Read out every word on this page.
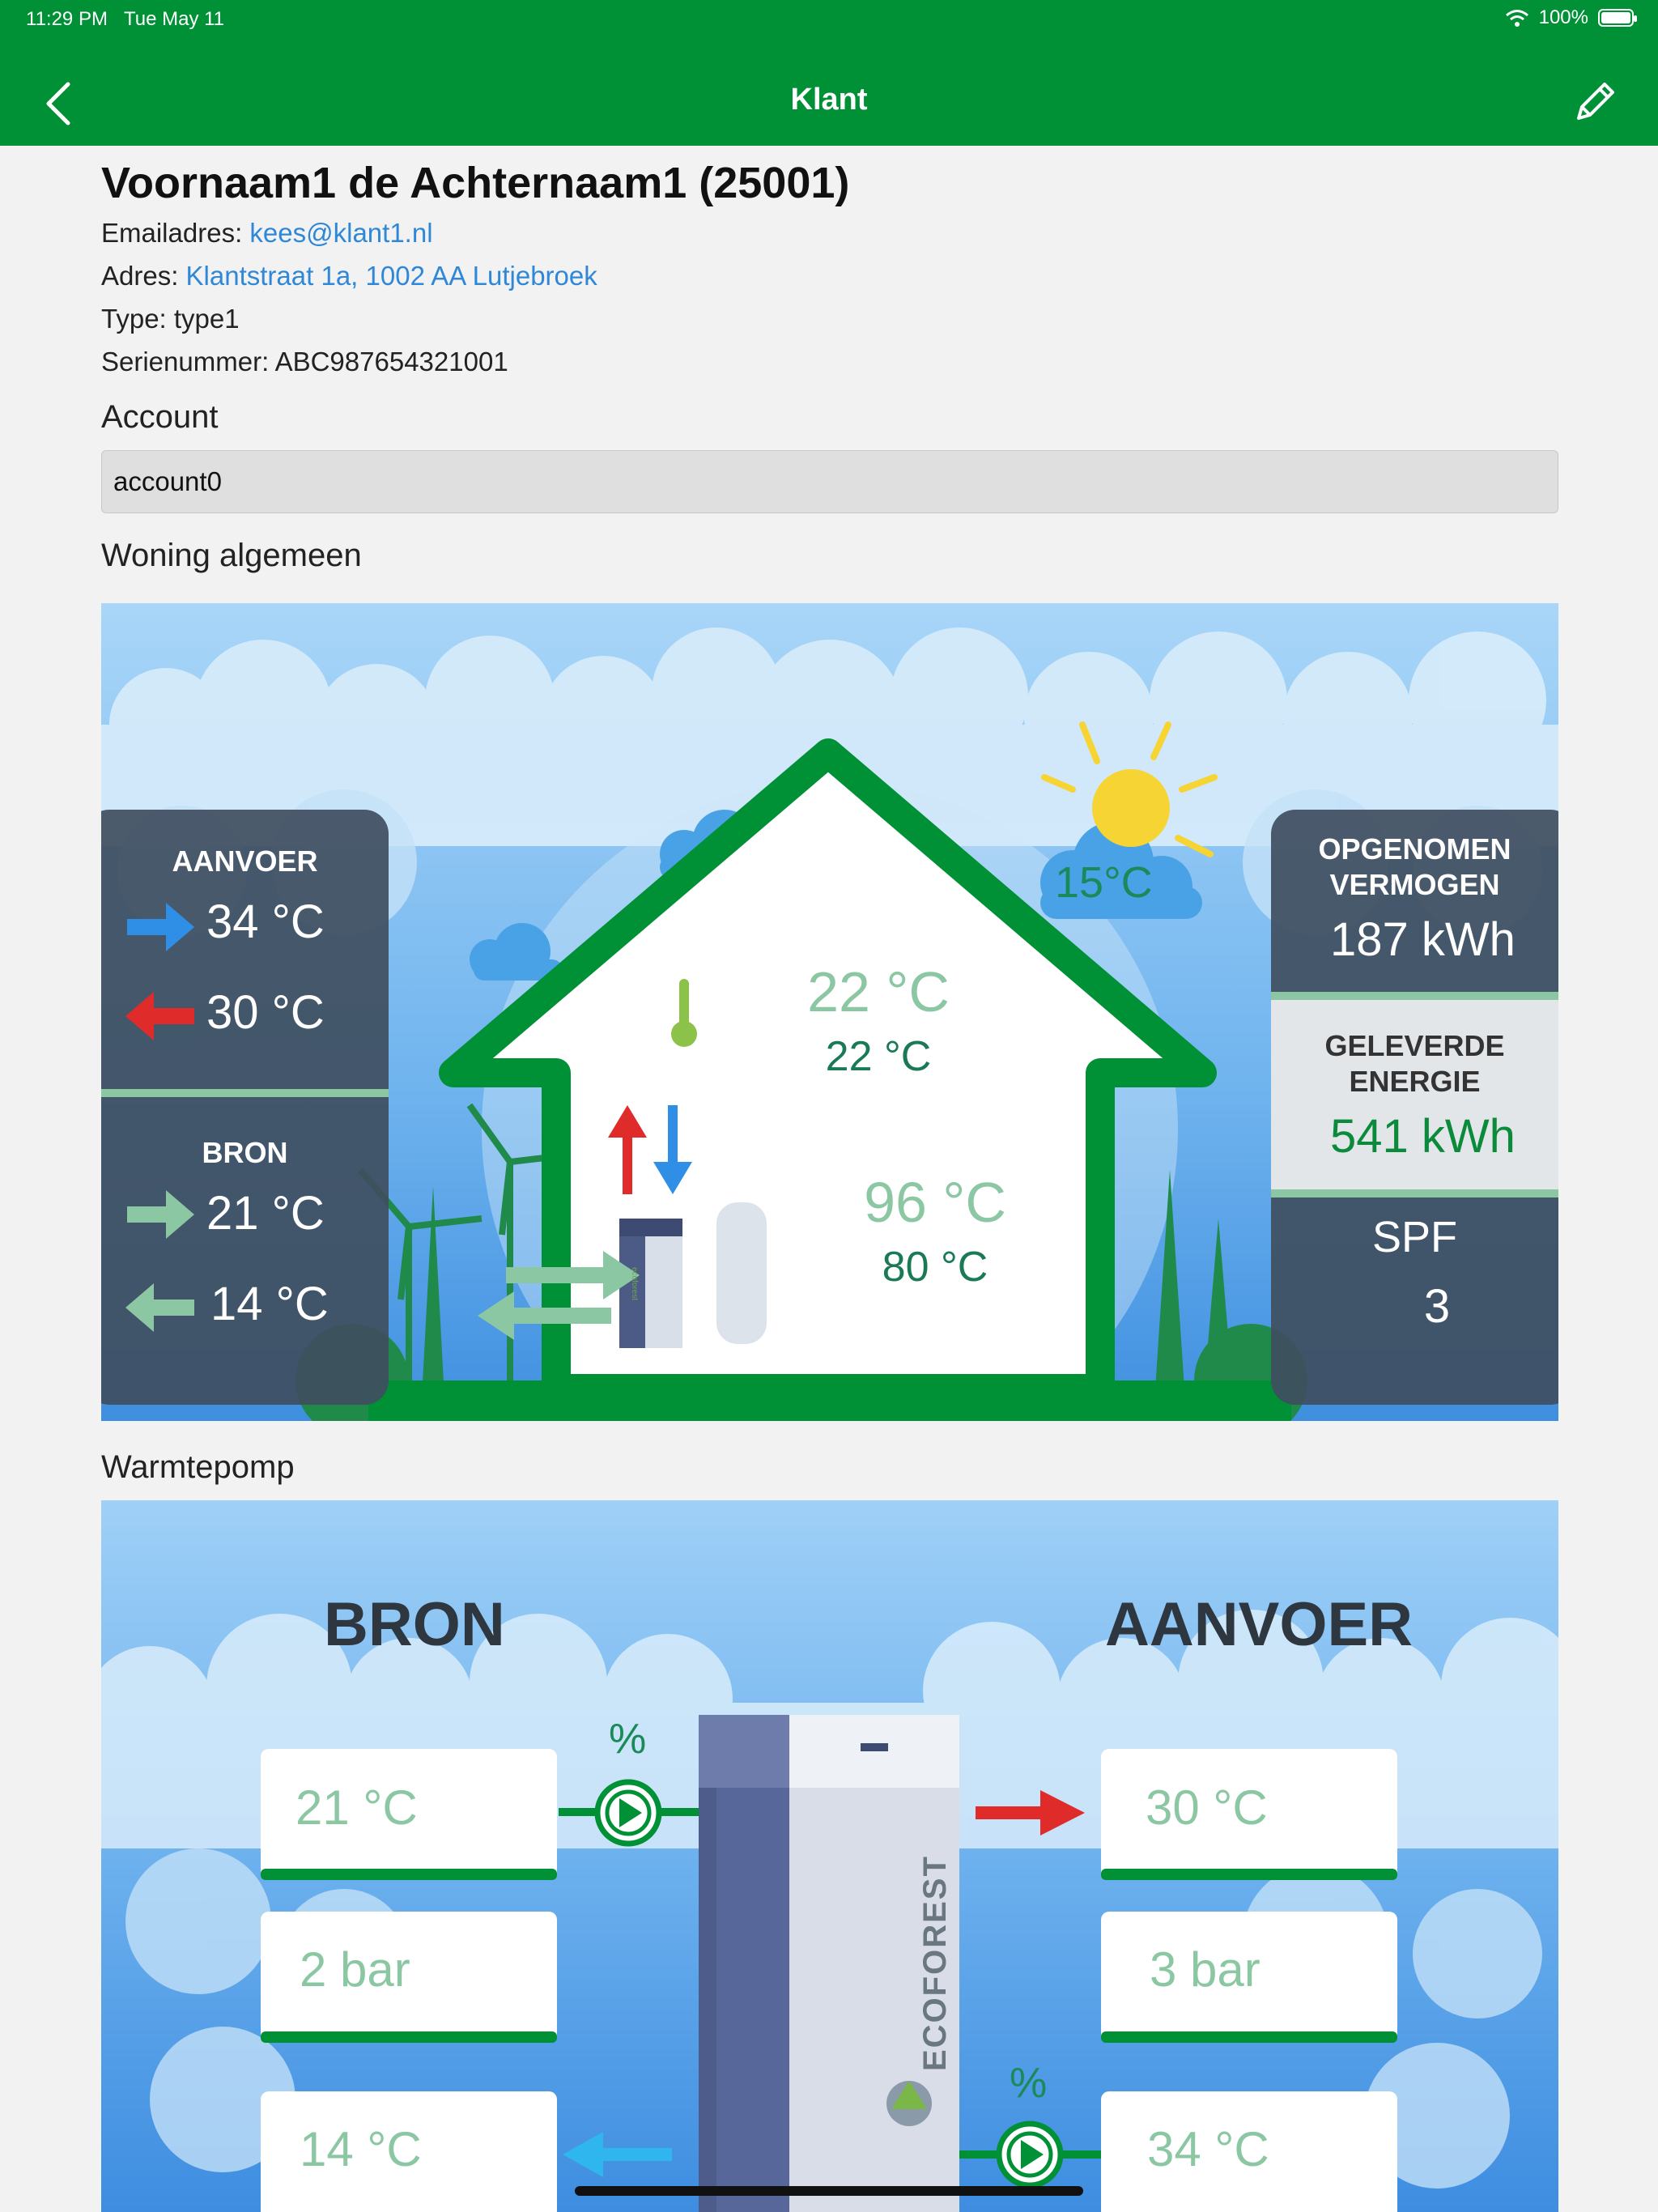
11:29 PM Tue May 11	100%
Klant
Voornaam1 de Achternaam1 (25001)
Emailadres: kees@klant1.nl
Adres: Klantstraat 1a, 1002 AA Lutjebroek
Type: type1
Serienummer: ABC987654321001
Account
account0
Woning algemeen
AANVOER
34 °C
30 °C
BRON
21 °C
14 °C
15°C
22 °C
22 °C
96 °C
80 °C
OPGENOMEN
VERMOGEN
187 kWh
GELEVERDE
ENERGIE
541 kWh
SPF
3
ecoforest
Warmtepomp
BRON	AANVOER
%
%
21 °C
2 bar
14 °C
30 °C
3 bar
34 °C
ECOFOREST
